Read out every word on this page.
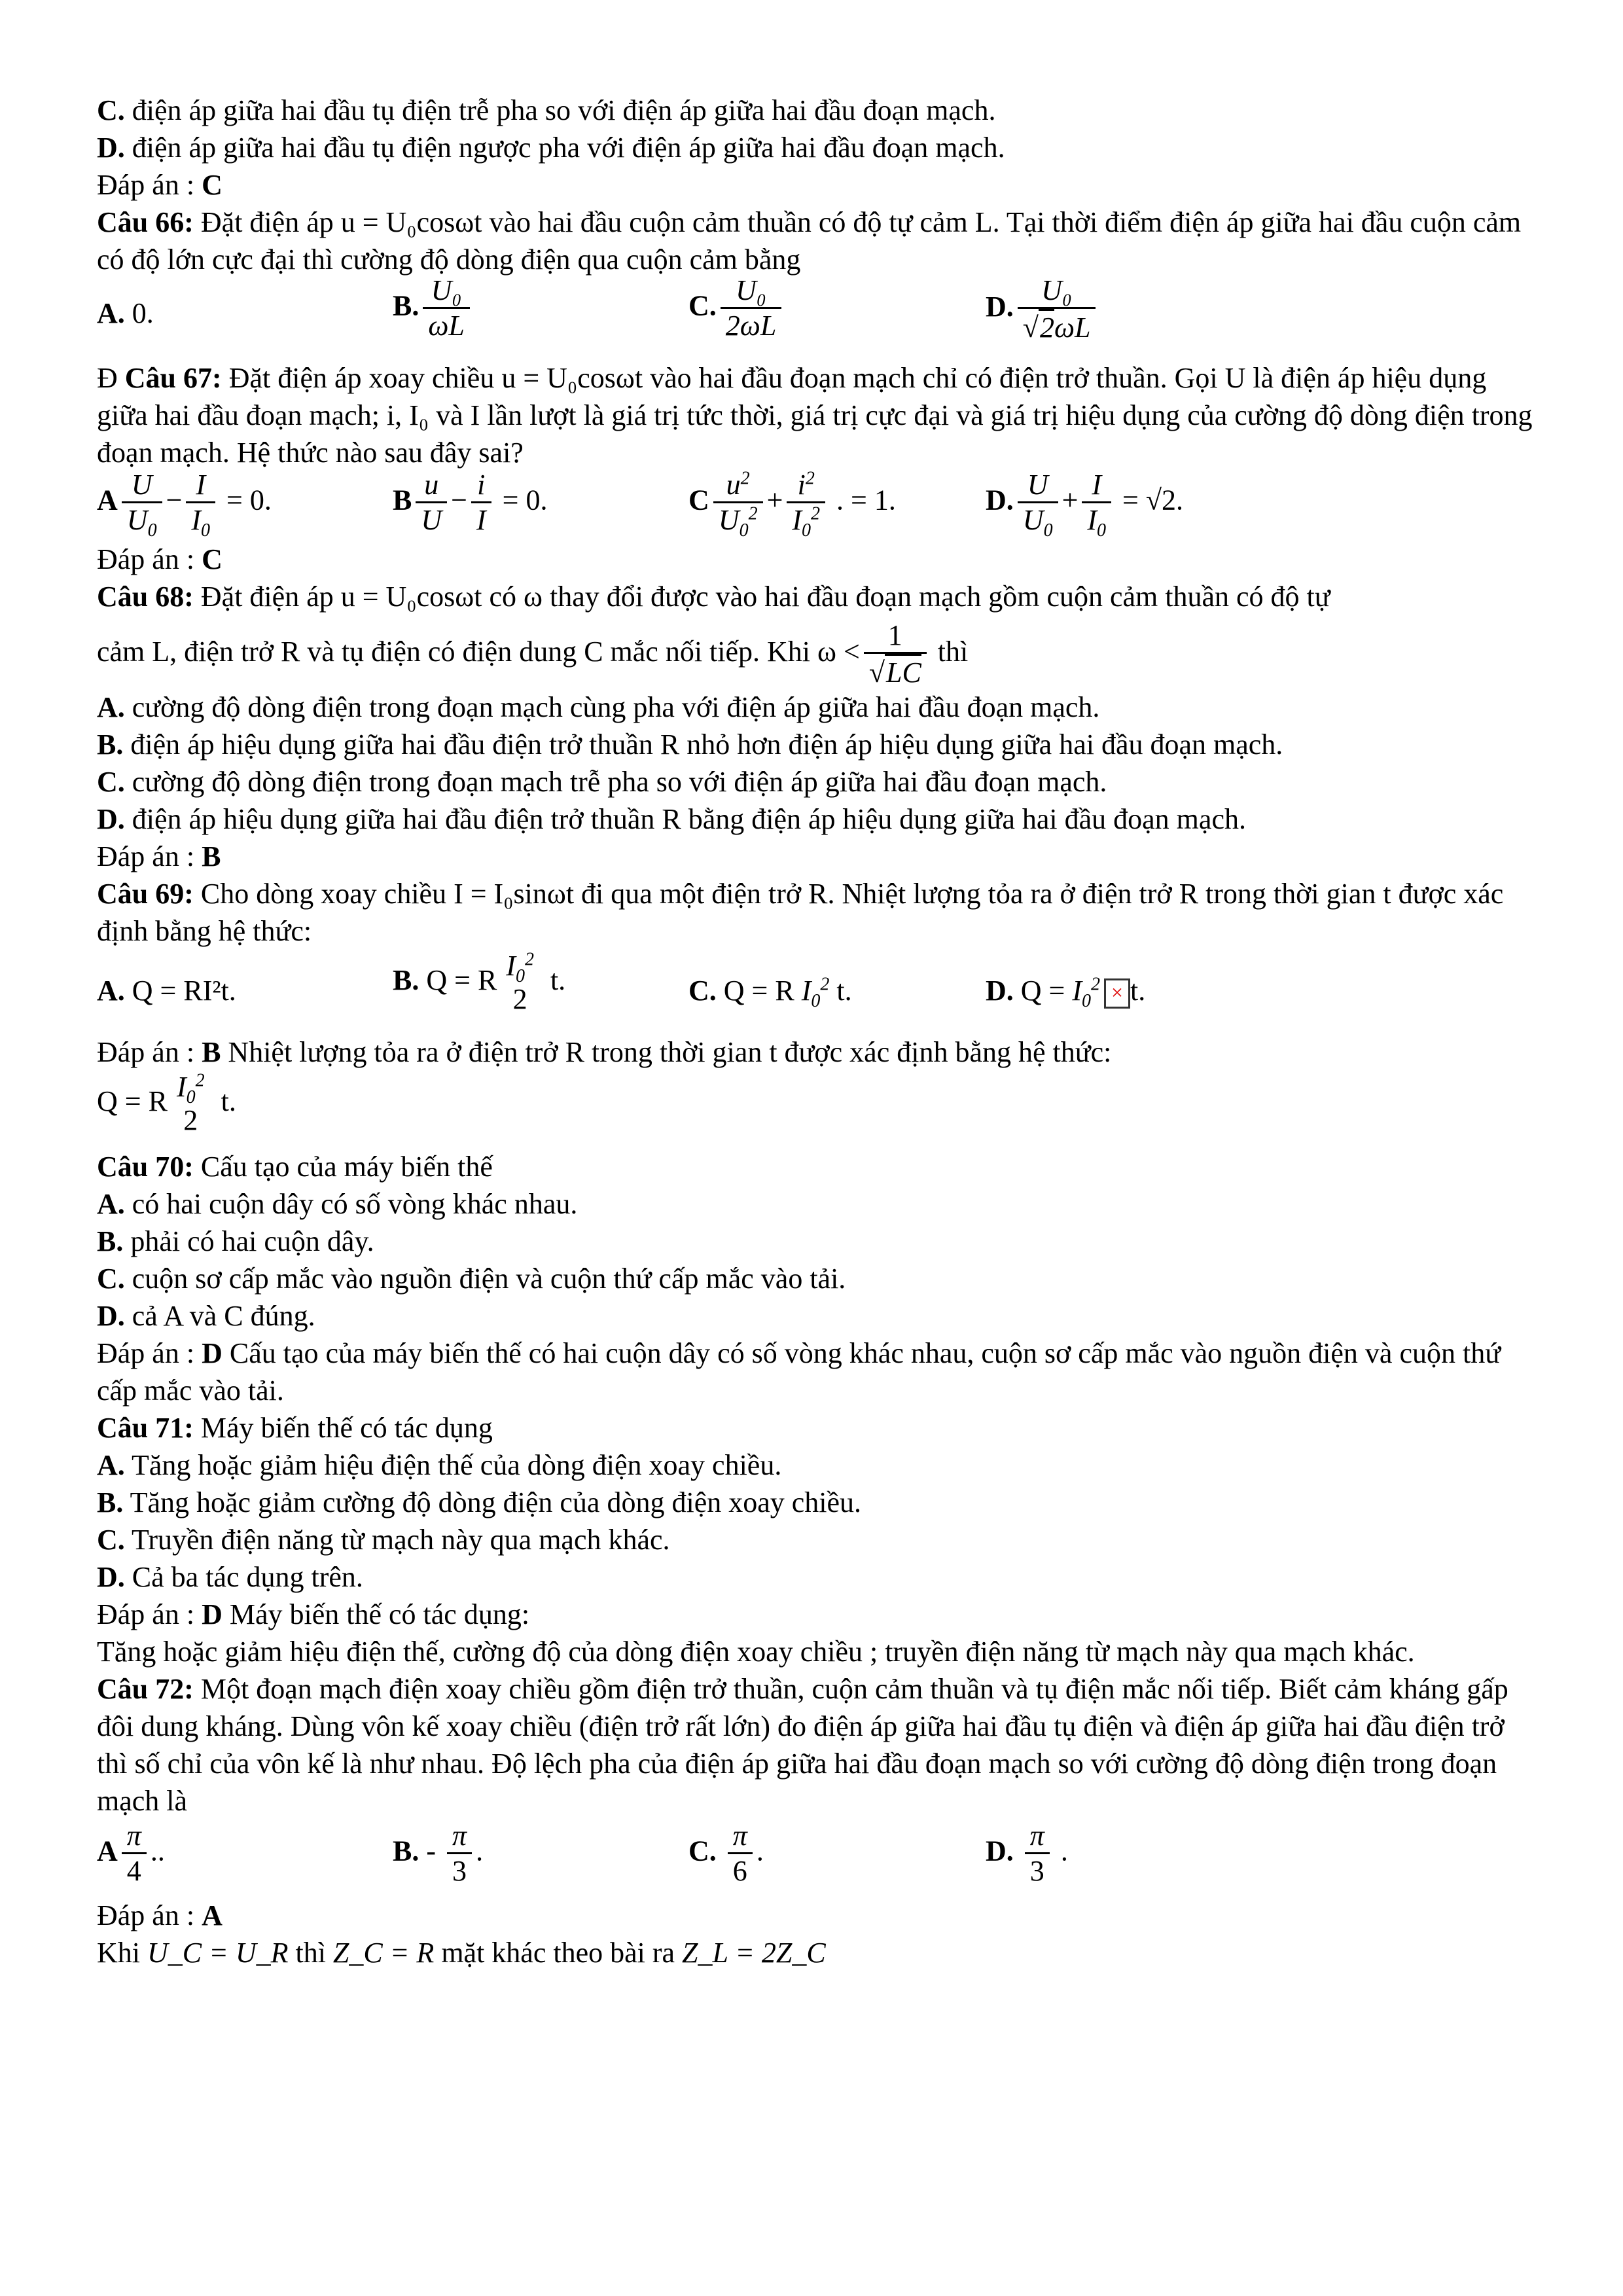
C. điện áp giữa hai đầu tụ điện trễ pha so với điện áp giữa hai đầu đoạn mạch.
D. điện áp giữa hai đầu tụ điện ngược pha với điện áp giữa hai đầu đoạn mạch.
Đáp án : C
Câu 66: Đặt điện áp u = U₀cosωt vào hai đầu cuộn cảm thuần có độ tự cảm L. Tại thời điểm điện áp giữa hai đầu cuộn cảm có độ lớn cực đại thì cường độ dòng điện qua cuộn cảm bằng
A. 0.	B. $\frac{\text{U₀}}{\omega L}$	C. $\frac{\text{U₀}}{2\omega L}$	D. $\frac{\text{U₀}}{√2\omega L}$
Đ Câu 67: Đặt điện áp xoay chiều u = U₀cosωt vào hai đầu đoạn mạch chỉ có điện trở thuần. Gọi U là điện áp hiệu dụng giữa hai đầu đoạn mạch; i, I₀ và I lần lượt là giá trị tức thời, giá trị cực đại và giá trị hiệu dụng của cường độ dòng điện trong đoạn mạch. Hệ thức nào sau đây sai?
A $\frac{U}{U_0} - \frac{I}{I_0} = 0$.	B $\frac{u}{U} - \frac{i}{I} = 0$.	C $\frac{u^2}{U_0^2} + \frac{i^2}{I_0^2}$ . = 1.	D. $\frac{U}{U_0} + \frac{I}{I_0} = √2$.
Đáp án : C
Câu 68: Đặt điện áp u = U₀cosωt có ω thay đổi được vào hai đầu đoạn mạch gồm cuộn cảm thuần có độ tự
cảm L, điện trở R và tụ điện có điện dung C mắc nối tiếp. Khi $\omega < \frac{1}{√LC}$ thì
A. cường độ dòng điện trong đoạn mạch cùng pha với điện áp giữa hai đầu đoạn mạch.
B. điện áp hiệu dụng giữa hai đầu điện trở thuần R nhỏ hơn điện áp hiệu dụng giữa hai đầu đoạn mạch.
C. cường độ dòng điện trong đoạn mạch trễ pha so với điện áp giữa hai đầu đoạn mạch.
D. điện áp hiệu dụng giữa hai đầu điện trở thuần R bằng điện áp hiệu dụng giữa hai đầu đoạn mạch.
Đáp án : B
Câu 69: Cho dòng xoay chiều I = I₀sinωt đi qua một điện trở R. Nhiệt lượng tỏa ra ở điện trở R trong thời gian t được xác định bằng hệ thức:
A. Q = RI²t.	B. Q = R $I_0^2$
2
t.	C. Q = R $I_0^2$ t.	D. $Q = I_0^2\times t$.
Đáp án : B Nhiệt lượng tỏa ra ở điện trở R trong thời gian t được xác định bằng hệ thức:
Q = R $I_0^2$
2
t.
Câu 70: Cấu tạo của máy biến thế
A. có hai cuộn dây có số vòng khác nhau.
B. phải có hai cuộn dây.
C. cuộn sơ cấp mắc vào nguồn điện và cuộn thứ cấp mắc vào tải.
D. cả A và C đúng.
Đáp án : D Cấu tạo của máy biến thế có hai cuộn dây có số vòng khác nhau, cuộn sơ cấp mắc vào nguồn điện và cuộn thứ cấp mắc vào tải.
Câu 71: Máy biến thế có tác dụng
A. Tăng hoặc giảm hiệu điện thế của dòng điện xoay chiều.
B. Tăng hoặc giảm cường độ dòng điện của dòng điện xoay chiều.
C. Truyền điện năng từ mạch này qua mạch khác.
D. Cả ba tác dụng trên.
Đáp án : D Máy biến thế có tác dụng:
Tăng hoặc giảm hiệu điện thế, cường độ của dòng điện xoay chiều ; truyền điện năng từ mạch này qua mạch khác.
Câu 72: Một đoạn mạch điện xoay chiều gồm điện trở thuần, cuộn cảm thuần và tụ điện mắc nối tiếp. Biết cảm kháng gấp đôi dung kháng. Dùng vôn kế xoay chiều (điện trở rất lớn) đo điện áp giữa hai đầu tụ điện và điện áp giữa hai đầu điện trở thì số chỉ của vôn kế là như nhau. Độ lệch pha của điện áp giữa hai đầu đoạn mạch so với cường độ dòng điện trong đoạn mạch là
A $\frac{\pi}{4}$ ..	B. - $\frac{\pi}{3}$ .	C. $\frac{\pi}{6}$ .	D. $\frac{\pi}{3}$ .
Đáp án : A
Khi U_C = U_R thì Z_C = R mặt khác theo bài ra Z_L = 2Z_C
